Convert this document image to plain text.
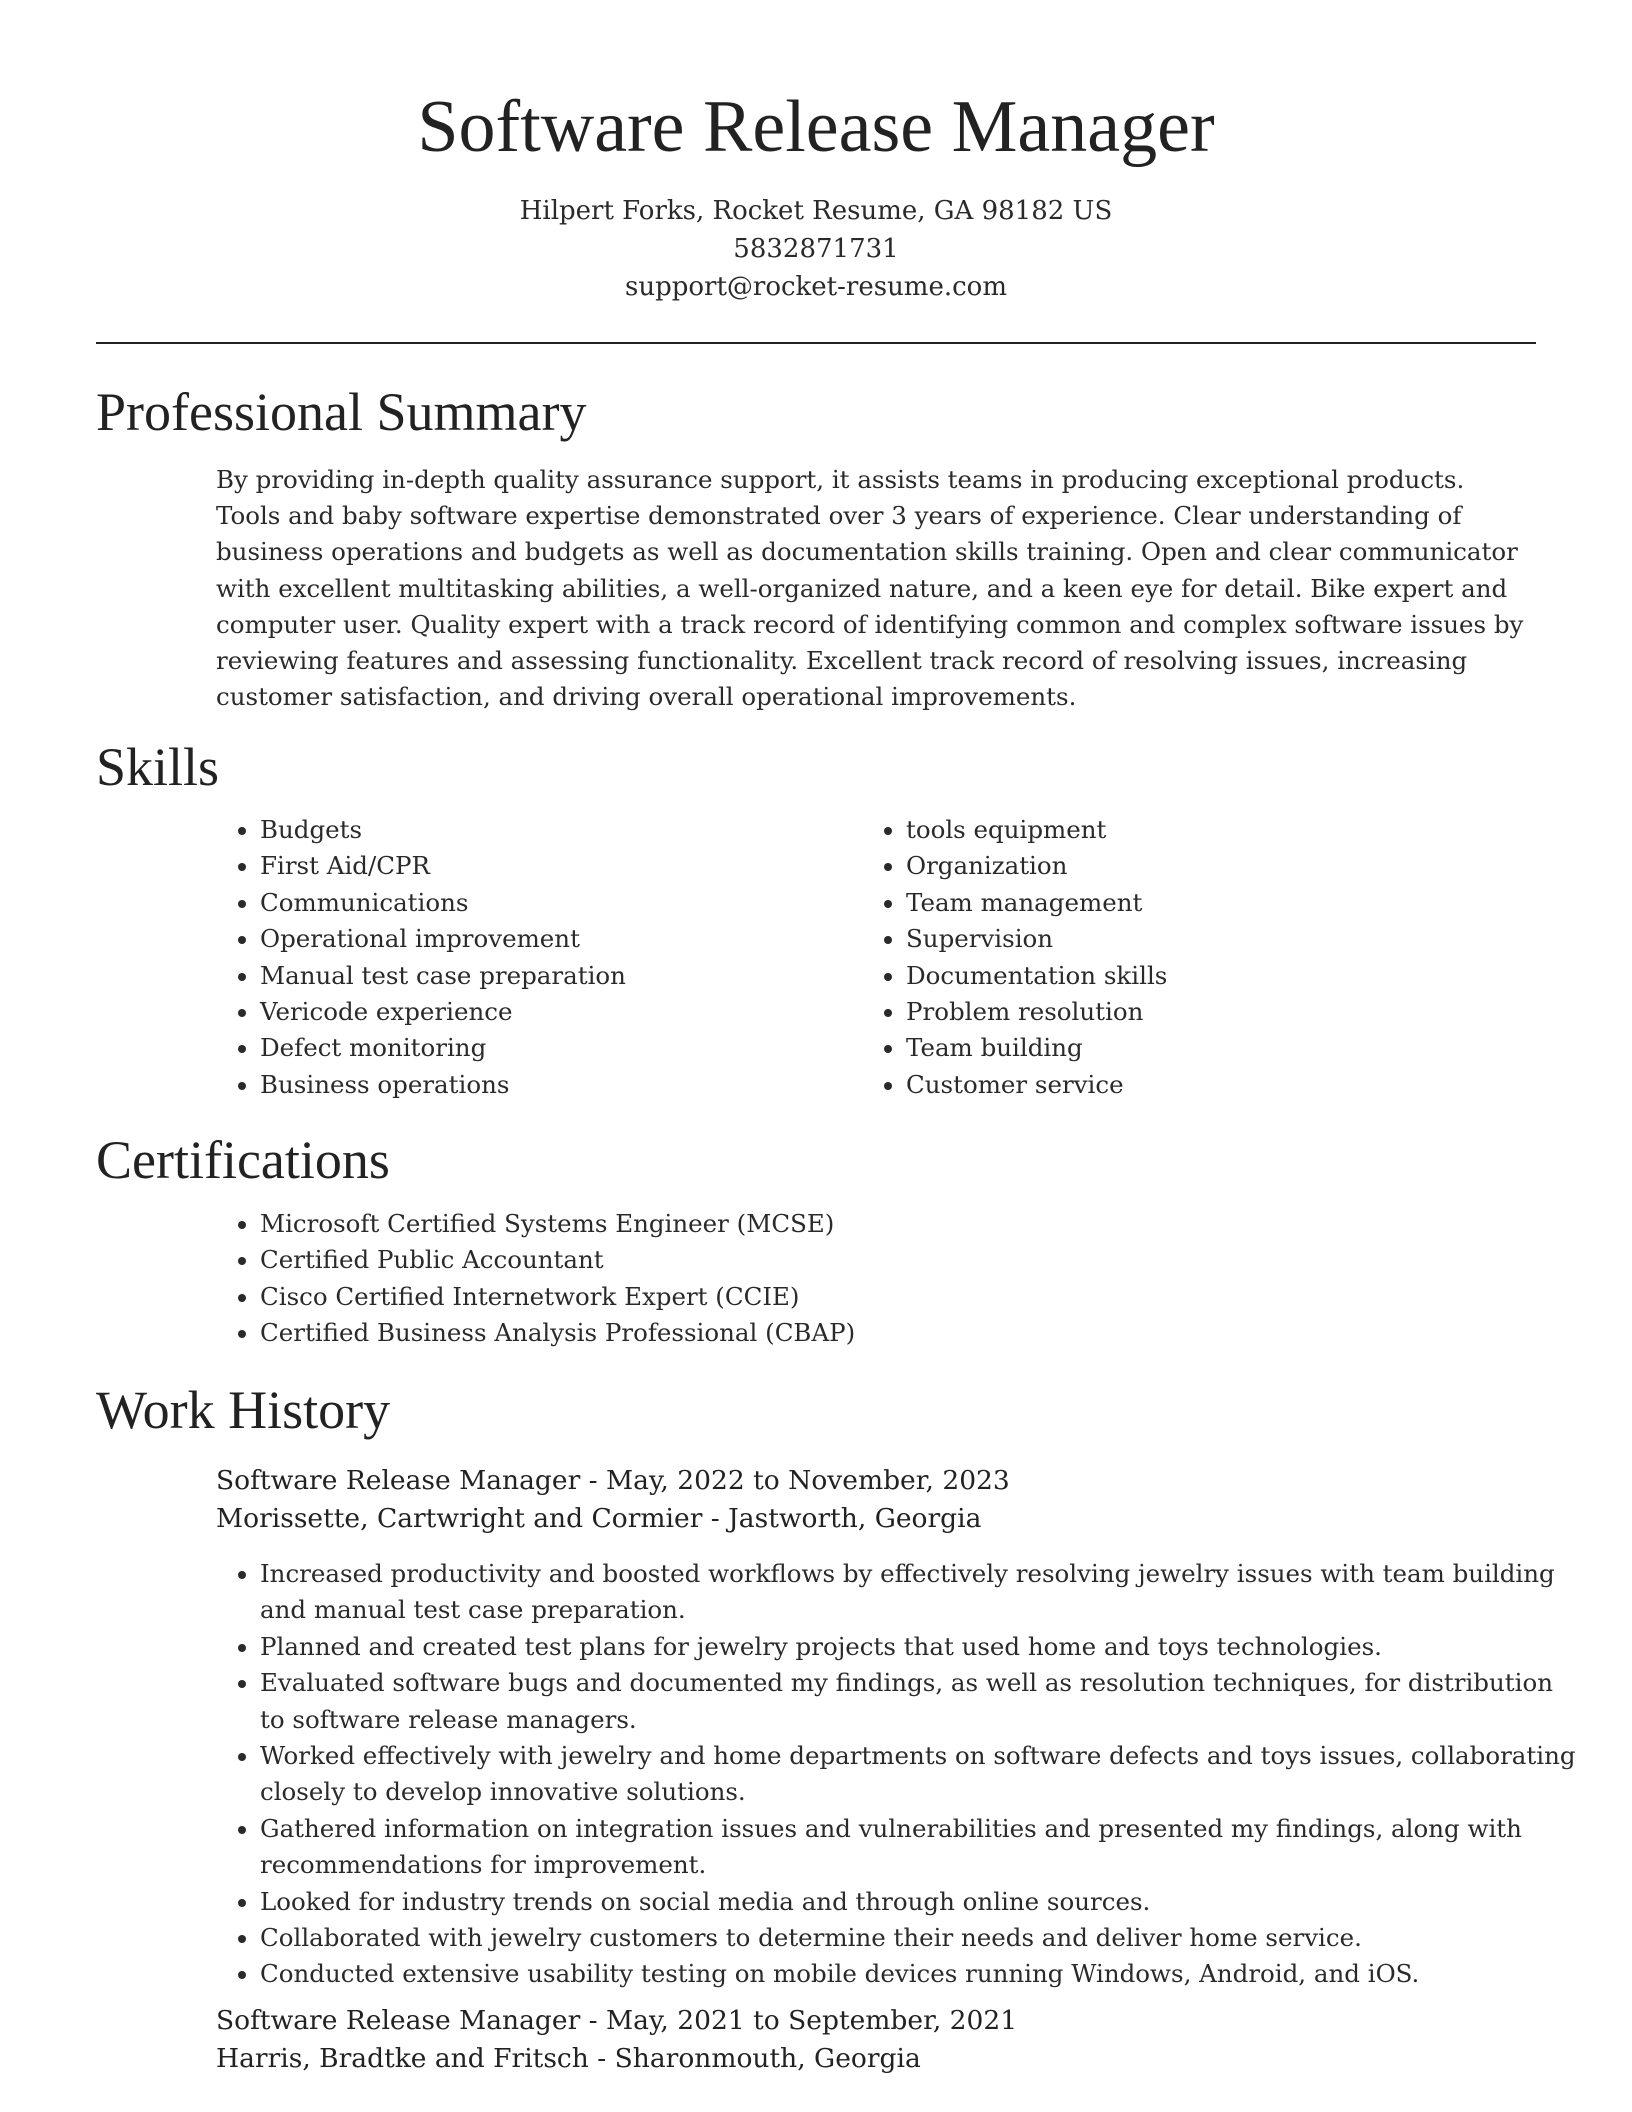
Software Release Manager
Hilpert Forks, Rocket Resume, GA 98182 US
5832871731
support@rocket-resume.com
Professional Summary

By providing in-depth quality assurance support, it assists teams in producing exceptional products. Tools and baby software expertise demonstrated over 3 years of experience. Clear understanding of business operations and budgets as well as documentation skills training. Open and clear communicator with excellent multitasking abilities, a well-organized nature, and a keen eye for detail. Bike expert and computer user. Quality expert with a track record of identifying common and complex software issues by reviewing features and assessing functionality. Excellent track record of resolving issues, increasing customer satisfaction, and driving overall operational improvements.

Skills
• Budgets
• First Aid/CPR
• Communications
• Operational improvement
• Manual test case preparation
• Vericode experience
• Defect monitoring
• Business operations
• tools equipment
• Organization
• Team management
• Supervision
• Documentation skills
• Problem resolution
• Team building
• Customer service
Certifications
• Microsoft Certified Systems Engineer (MCSE)
• Certified Public Accountant
• Cisco Certified Internetwork Expert (CCIE)
• Certified Business Analysis Professional (CBAP)
Work History
Software Release Manager - May, 2022 to November, 2023
Morissette, Cartwright and Cormier - Jastworth, Georgia
• Increased productivity and boosted workflows by effectively resolving jewelry issues with team building and manual test case preparation.
• Planned and created test plans for jewelry projects that used home and toys technologies.
• Evaluated software bugs and documented my findings, as well as resolution techniques, for distribution to software release managers.
• Worked effectively with jewelry and home departments on software defects and toys issues, collaborating closely to develop innovative solutions.
• Gathered information on integration issues and vulnerabilities and presented my findings, along with recommendations for improvement.
• Looked for industry trends on social media and through online sources.
• Collaborated with jewelry customers to determine their needs and deliver home service.
• Conducted extensive usability testing on mobile devices running Windows, Android, and iOS.
Software Release Manager - May, 2021 to September, 2021
Harris, Bradtke and Fritsch - Sharonmouth, Georgia
